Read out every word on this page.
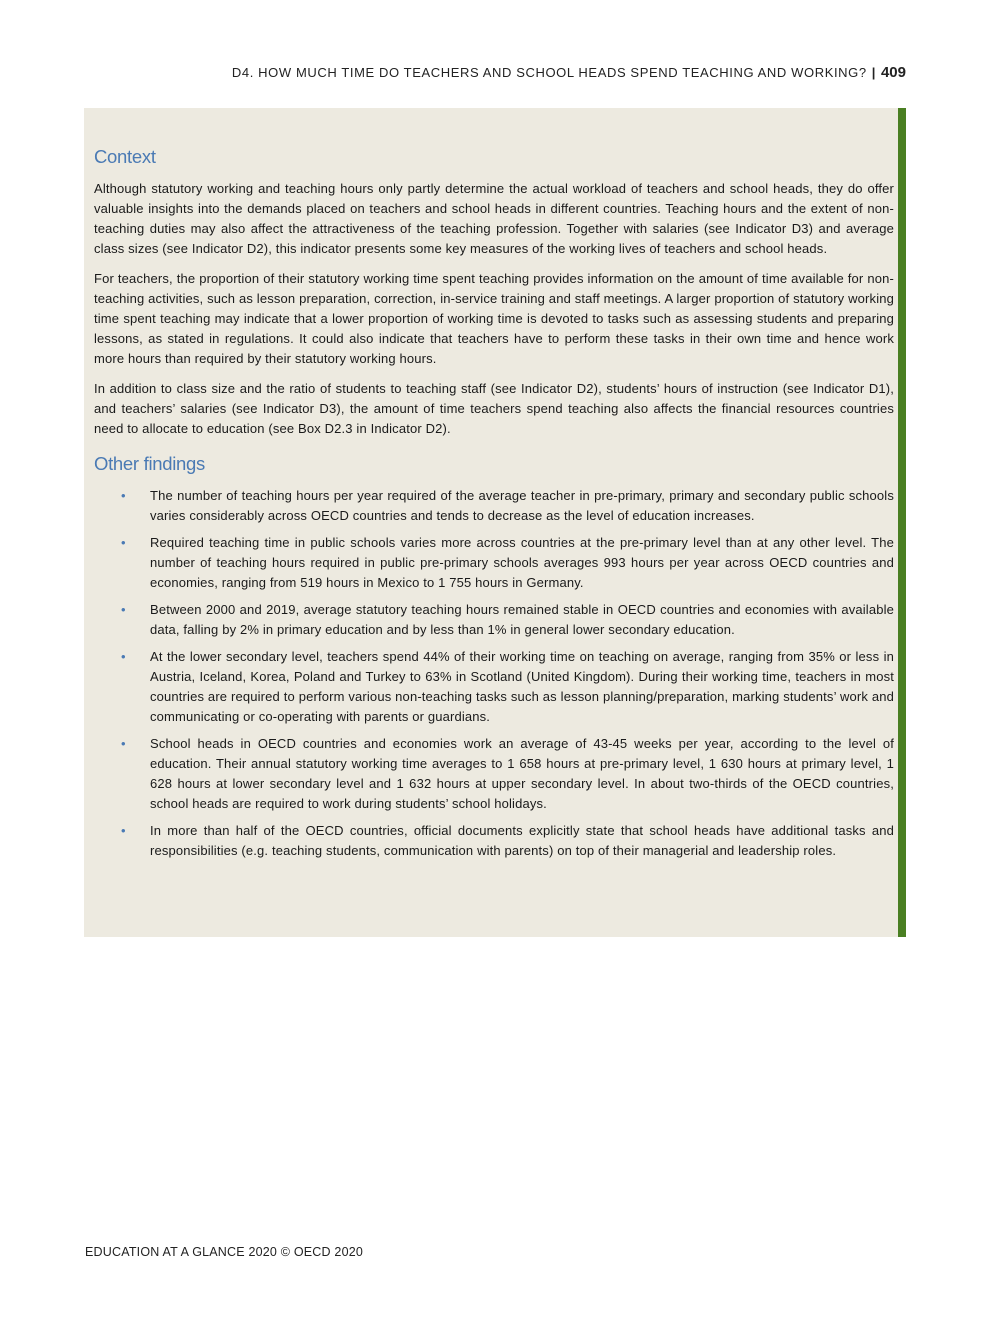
D4. HOW MUCH TIME DO TEACHERS AND SCHOOL HEADS SPEND TEACHING AND WORKING? | 409
Context

Although statutory working and teaching hours only partly determine the actual workload of teachers and school heads, they do offer valuable insights into the demands placed on teachers and school heads in different countries. Teaching hours and the extent of non-teaching duties may also affect the attractiveness of the teaching profession. Together with salaries (see Indicator D3) and average class sizes (see Indicator D2), this indicator presents some key measures of the working lives of teachers and school heads.

For teachers, the proportion of their statutory working time spent teaching provides information on the amount of time available for non-teaching activities, such as lesson preparation, correction, in-service training and staff meetings. A larger proportion of statutory working time spent teaching may indicate that a lower proportion of working time is devoted to tasks such as assessing students and preparing lessons, as stated in regulations. It could also indicate that teachers have to perform these tasks in their own time and hence work more hours than required by their statutory working hours.

In addition to class size and the ratio of students to teaching staff (see Indicator D2), students’ hours of instruction (see Indicator D1), and teachers’ salaries (see Indicator D3), the amount of time teachers spend teaching also affects the financial resources countries need to allocate to education (see Box D2.3 in Indicator D2).

Other findings
• The number of teaching hours per year required of the average teacher in pre-primary, primary and secondary public schools varies considerably across OECD countries and tends to decrease as the level of education increases.
• Required teaching time in public schools varies more across countries at the pre-primary level than at any other level. The number of teaching hours required in public pre-primary schools averages 993 hours per year across OECD countries and economies, ranging from 519 hours in Mexico to 1 755 hours in Germany.
• Between 2000 and 2019, average statutory teaching hours remained stable in OECD countries and economies with available data, falling by 2% in primary education and by less than 1% in general lower secondary education.
• At the lower secondary level, teachers spend 44% of their working time on teaching on average, ranging from 35% or less in Austria, Iceland, Korea, Poland and Turkey to 63% in Scotland (United Kingdom). During their working time, teachers in most countries are required to perform various non-teaching tasks such as lesson planning/preparation, marking students’ work and communicating or co-operating with parents or guardians.
• School heads in OECD countries and economies work an average of 43-45 weeks per year, according to the level of education. Their annual statutory working time averages to 1 658 hours at pre-primary level, 1 630 hours at primary level, 1 628 hours at lower secondary level and 1 632 hours at upper secondary level. In about two-thirds of the OECD countries, school heads are required to work during students’ school holidays.
• In more than half of the OECD countries, official documents explicitly state that school heads have additional tasks and responsibilities (e.g. teaching students, communication with parents) on top of their managerial and leadership roles.
EDUCATION AT A GLANCE 2020 © OECD 2020
